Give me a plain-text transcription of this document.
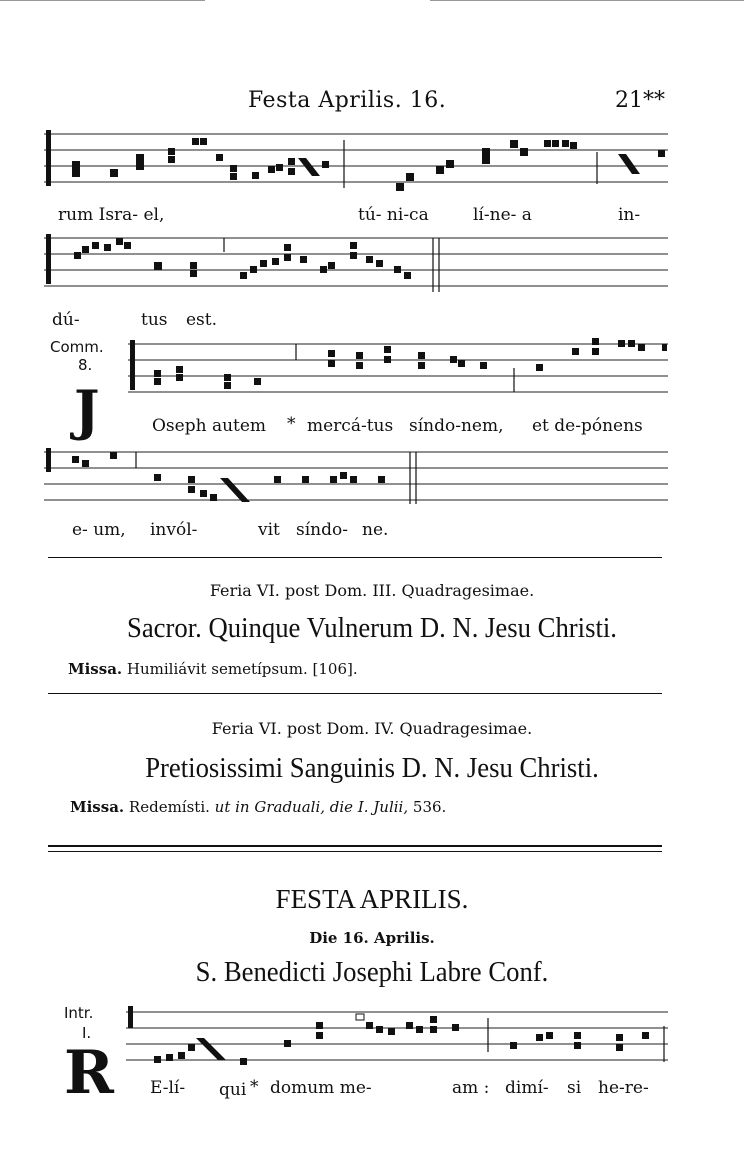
Festa Aprilis. 16.	21**
rum Isra- el,	tú- ni-ca	lí-ne- a	in-
dú-	tus est.
Comm.
8.
J	Oseph autem * mercá-tus síndo-nem, et de-pónens
e- um, invól-	vit síndo- ne.
Feria VI. post Dom. III. Quadragesimae.
Sacror. Quinque Vulnerum D. N. Jesu Christi.
Missa. Humiliávit semetípsum. [106].
Feria VI. post Dom. IV. Quadragesimae.
Pretiosissimi Sanguinis D. N. Jesu Christi.
Missa. Redemísti. ut in Graduali, die I. Julii, 536.
FESTA APRILIS.
Die 16. Aprilis.
S. Benedicti Josephi Labre Conf.
Intr.
I.
R E-lí- qui * domum me-	am : dimí- si he-re-
